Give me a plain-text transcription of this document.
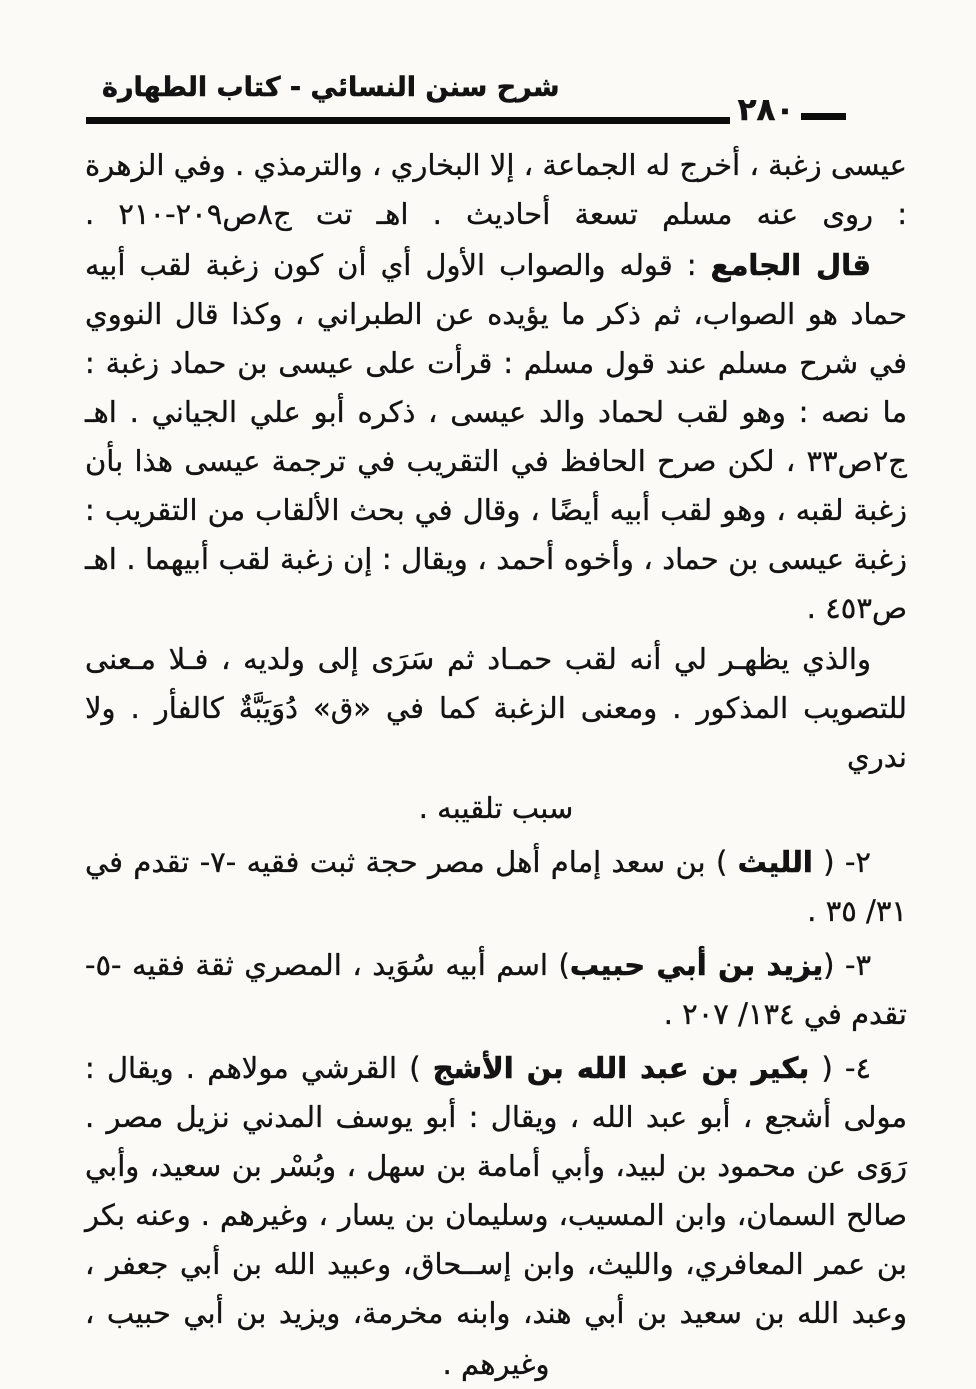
شرح سنن النسائي - كتاب الطهارة
٢٨٠

عيسى زغبة ، أخرج له الجماعة ، إلا البخاري ، والترمذي . وفي الزهرة : روى عنه مسلم تسعة أحاديث . اهـ تت ج٨ص٢٠٩-٢١٠ .

قال الجامع : قوله والصواب الأول أي أن كون زغبة لقب أبيه حماد هو الصواب، ثم ذكر ما يؤيده عن الطبراني ، وكذا قال النووي في شرح مسلم عند قول مسلم : قرأت على عيسى بن حماد زغبة : ما نصه : وهو لقب لحماد والد عيسى ، ذكره أبو علي الجياني . اهـ ج٢ص٣٣ ، لكن صرح الحافظ في التقريب في ترجمة عيسى هذا بأن زغبة لقبه ، وهو لقب أبيه أيضًا ، وقال في بحث الألقاب من التقريب : زغبة عيسى بن حماد ، وأخوه أحمد ، ويقال : إن زغبة لقب أبيهما . اهـ ص٤٥٣ .

والذي يظهـر لي أنه لقب حمـاد ثم سَرَى إلى ولديه ، فـلا مـعنى للتصويب المذكور . ومعنى الزغبة كما في «ق» دُوَيَبَّةٌ كالفأر . ولا ندري

سبب تلقيبه .

٢- ( الليث ) بن سعد إمام أهل مصر حجة ثبت فقيه -٧- تقدم في ٣١/ ٣٥ .

٣- (يزيد بن أبي حبيب) اسم أبيه سُوَيد ، المصري ثقة فقيه -٥- تقدم في ١٣٤/ ٢٠٧ .

٤- ( بكير بن عبد الله بن الأشج ) القرشي مولاهم . ويقال : مولى أشجع ، أبو عبد الله ، ويقال : أبو يوسف المدني نزيل مصر . رَوَى عن محمود بن لبيد، وأبي أمامة بن سهل ، وبُسْر بن سعيد، وأبي صالح السمان، وابن المسيب، وسليمان بن يسار ، وغيرهم . وعنه بكر بن عمر المعافري، والليث، وابن إســحاق، وعبيد الله بن أبي جعفر ، وعبد الله بن سعيد بن أبي هند، وابنه مخرمة، ويزيد بن أبي حبيب ،

وغيرهم .
